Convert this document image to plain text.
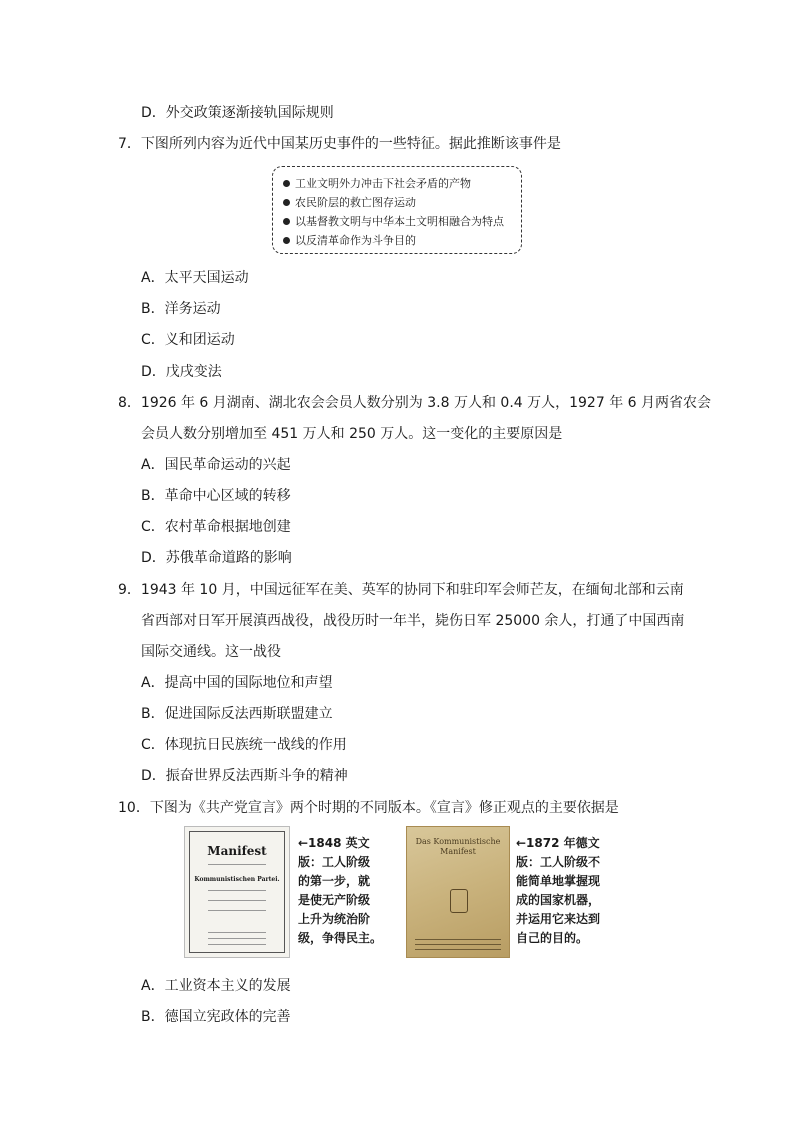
D．外交政策逐渐接轨国际规则
7．下图所列内容为近代中国某历史事件的一些特征。据此推断该事件是
工业文明外力冲击下社会矛盾的产物
农民阶层的救亡图存运动
以基督教文明与中华本土文明相融合为特点
以反清革命作为斗争目的
A．太平天国运动
B．洋务运动
C．义和团运动
D．戊戌变法
8．1926 年 6 月湖南、湖北农会会员人数分别为 3.8 万人和 0.4 万人，1927 年 6 月两省农会
会员人数分别增加至 451 万人和 250 万人。这一变化的主要原因是
A．国民革命运动的兴起
B．革命中心区域的转移
C．农村革命根据地创建
D．苏俄革命道路的影响
9．1943 年 10 月，中国远征军在美、英军的协同下和驻印军会师芒友，在缅甸北部和云南
省西部对日军开展滇西战役，战役历时一年半，毙伤日军 25000 余人，打通了中国西南
国际交通线。这一战役
A．提高中国的国际地位和声望
B．促进国际反法西斯联盟建立
C．体现抗日民族统一战线的作用
D．振奋世界反法西斯斗争的精神
10．下图为《共产党宣言》两个时期的不同版本。《宣言》修正观点的主要依据是
Manifest
Kommunistischen Partei.
←1848 英文
版：工人阶级
的第一步，就
是使无产阶级
上升为统治阶
级，争得民主。
Das Kommunistische Manifest
←1872 年德文
版：工人阶级不
能简单地掌握现
成的国家机器，
并运用它来达到
自己的目的。
A．工业资本主义的发展
B．德国立宪政体的完善
